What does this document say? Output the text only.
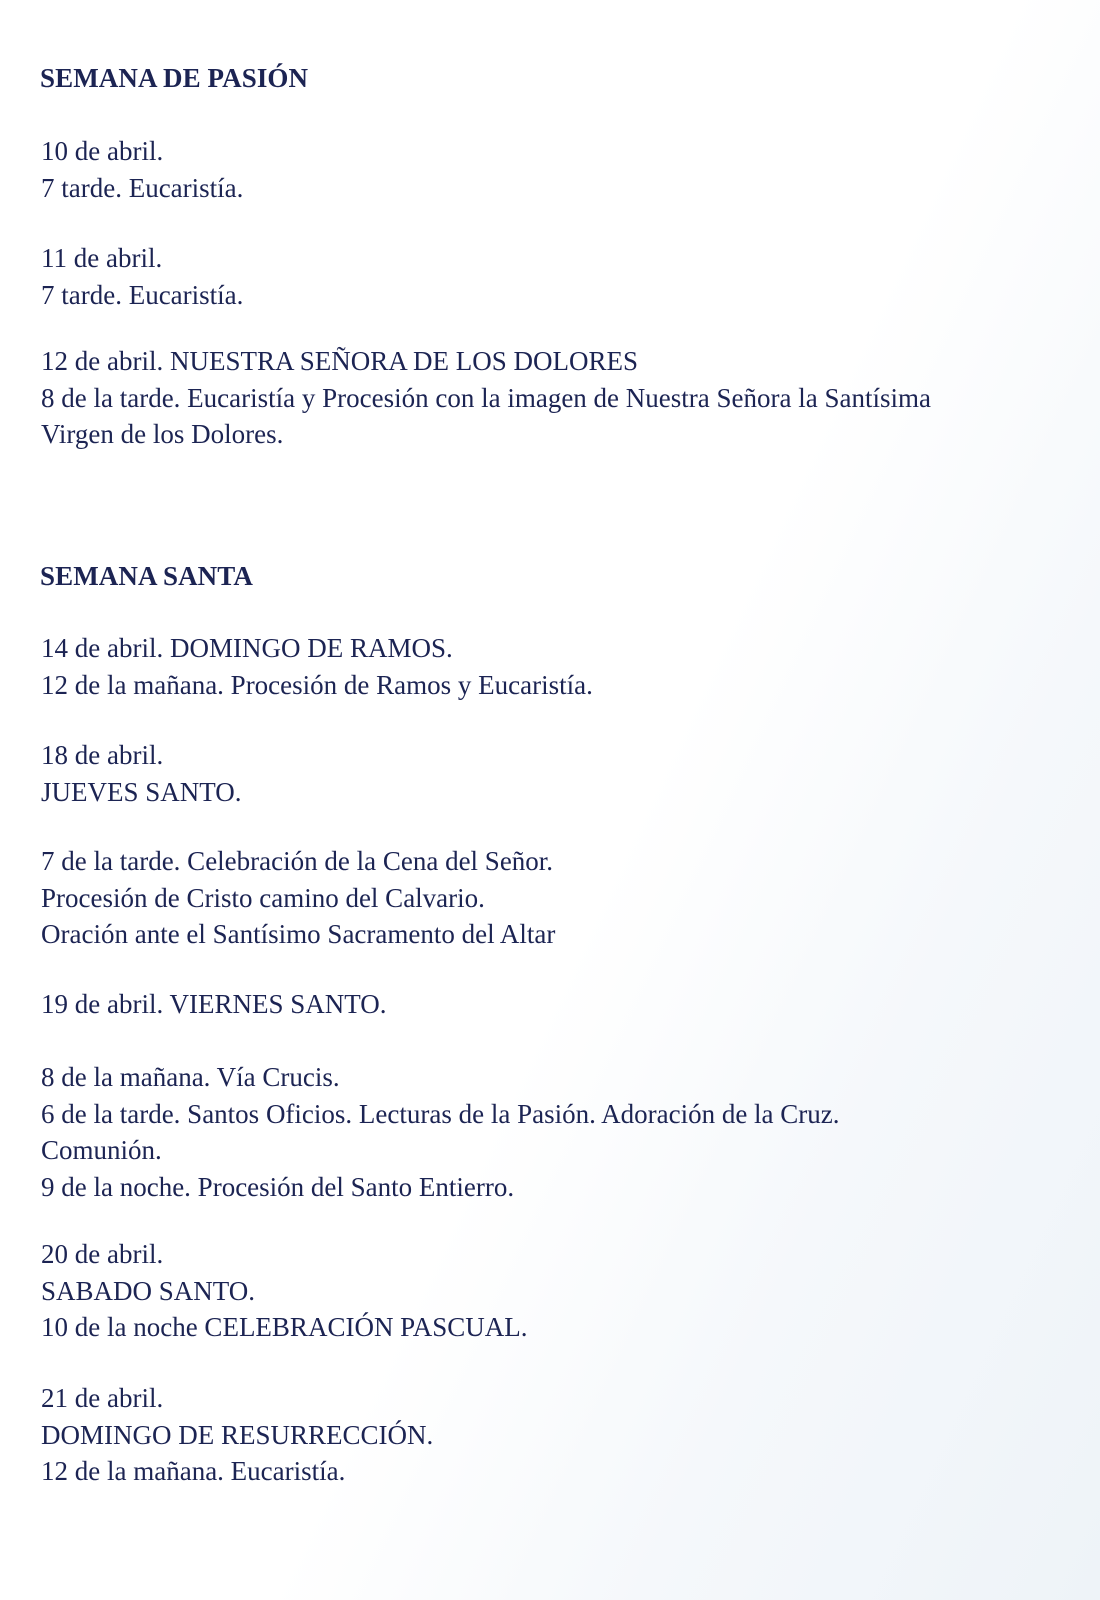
SEMANA DE PASIÓN
10 de abril.
7 tarde. Eucaristía.
11 de abril.
7 tarde. Eucaristía.
12 de abril. NUESTRA SEÑORA DE LOS DOLORES
8 de la tarde. Eucaristía y Procesión con la imagen de Nuestra Señora la Santísima
Virgen de los Dolores.
SEMANA SANTA
14 de abril. DOMINGO DE RAMOS.
12 de la mañana. Procesión de Ramos y Eucaristía.
18 de abril.
JUEVES SANTO.
7 de la tarde. Celebración de la Cena del Señor.
Procesión de Cristo camino del Calvario.
Oración ante el Santísimo Sacramento del Altar
19 de abril. VIERNES SANTO.
8 de la mañana. Vía Crucis.
6 de la tarde. Santos Oficios. Lecturas de la Pasión. Adoración de la Cruz.
Comunión.
9 de la noche. Procesión del Santo Entierro.
20 de abril.
SABADO SANTO.
10 de la noche CELEBRACIÓN PASCUAL.
21 de abril.
DOMINGO DE RESURRECCIÓN.
12 de la mañana. Eucaristía.
